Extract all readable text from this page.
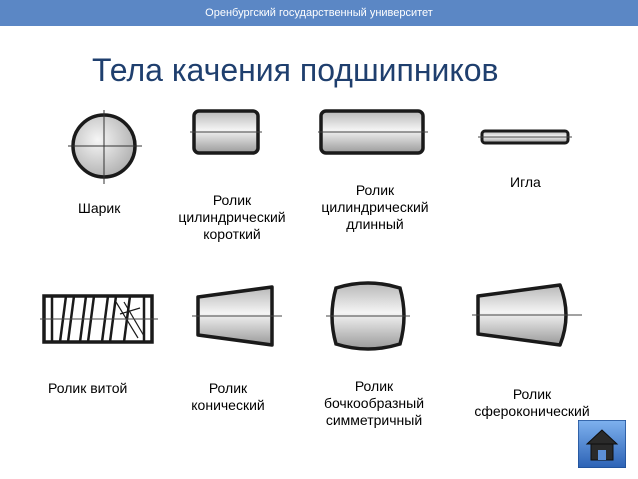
Оренбургский государственный университет
Тела качения подшипников
Шарик	Ролик цилиндрический короткий
Ролик цилиндрический длинный
Игла
Ролик витой	Ролик конический
Ролик бочкообразный симметричный
Ролик сфероконический
